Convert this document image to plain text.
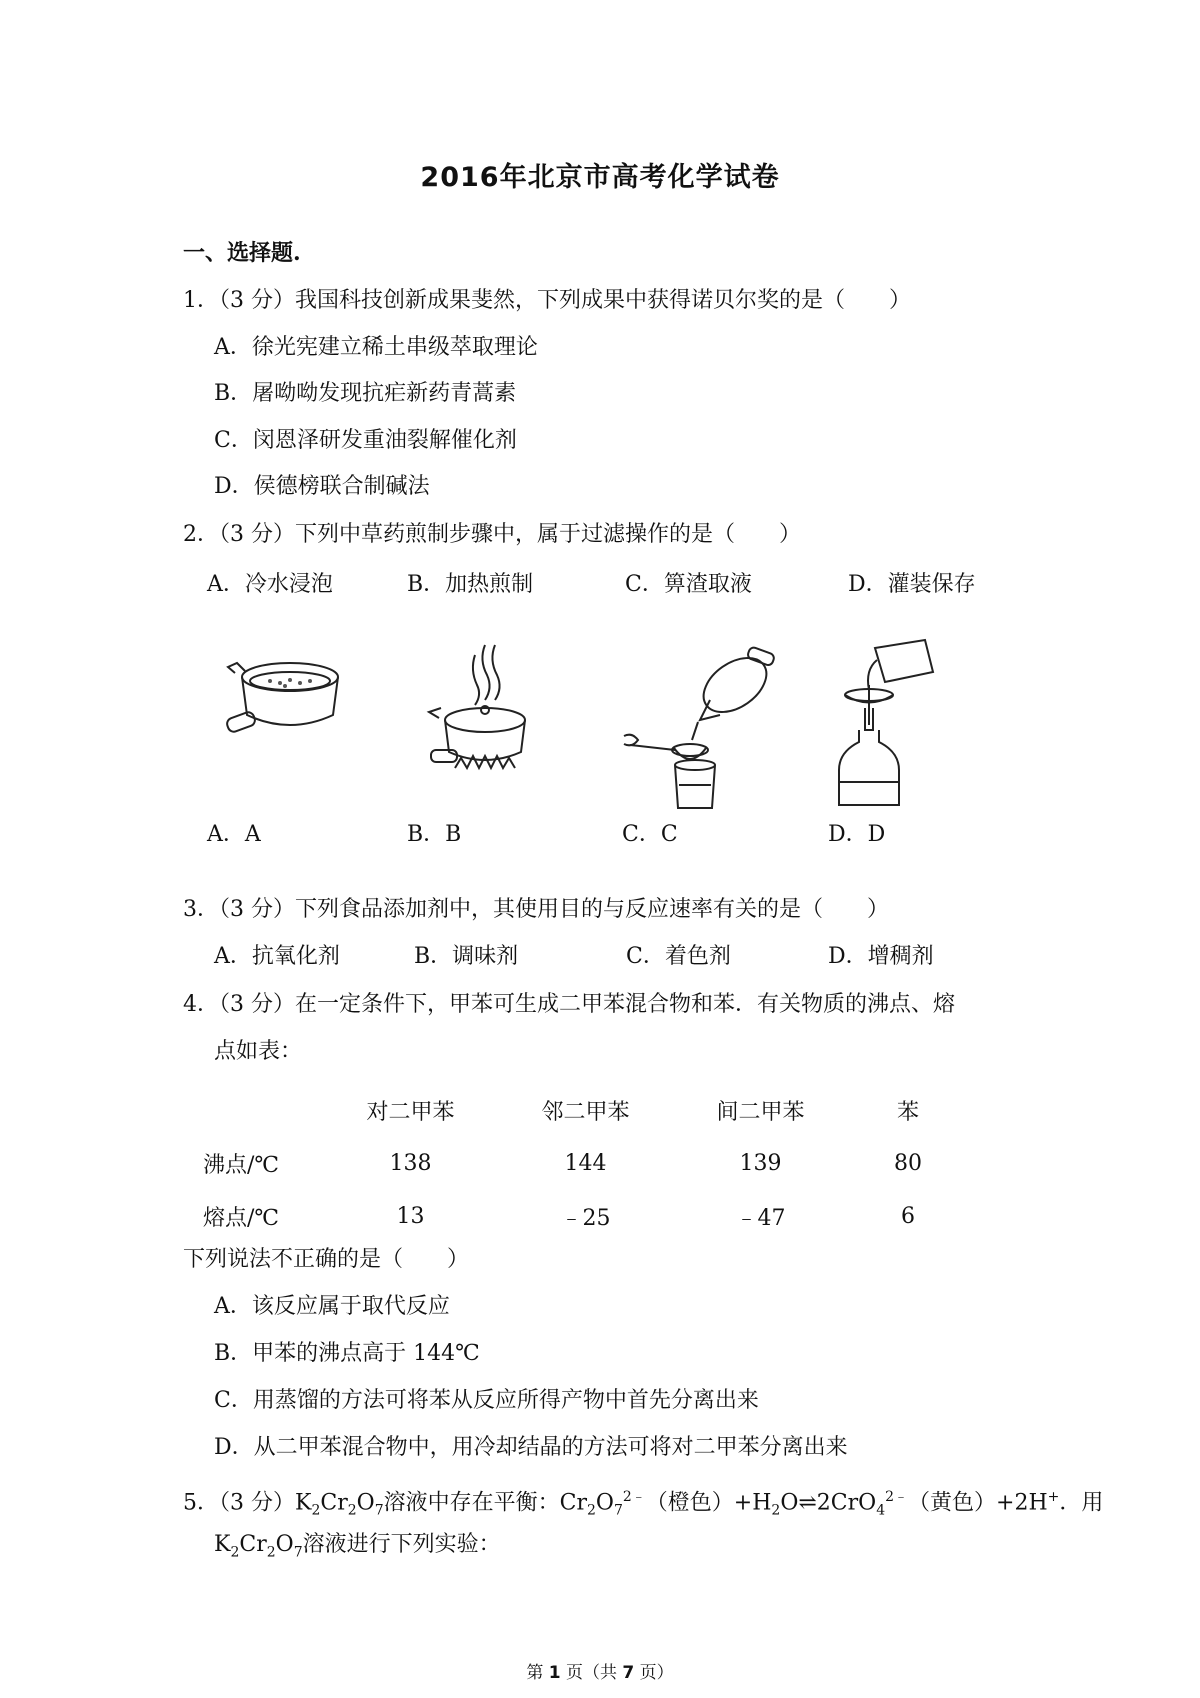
2016年北京市高考化学试卷
一、选择题.
1．（3 分）我国科技创新成果斐然，下列成果中获得诺贝尔奖的是（　　）
A．徐光宪建立稀土串级萃取理论
B．屠呦呦发现抗疟新药青蒿素
C．闵恩泽研发重油裂解催化剂
D．侯德榜联合制碱法
2．（3 分）下列中草药煎制步骤中，属于过滤操作的是（　　）
A．冷水浸泡	B．加热煎制	C．箅渣取液	D．灌装保存
A．A	B．B	C．C	D．D
3．（3 分）下列食品添加剂中，其使用目的与反应速率有关的是（　　）
A．抗氧化剂	B．调味剂	C．着色剂	D．增稠剂
4．（3 分）在一定条件下，甲苯可生成二甲苯混合物和苯．有关物质的沸点、熔
点如表：
	对二甲苯	邻二甲苯	间二甲苯	苯
沸点/℃	138	144	139	80
熔点/℃	13	﹣25	﹣47	6
下列说法不正确的是（　　）
A．该反应属于取代反应
B．甲苯的沸点高于 144℃
C．用蒸馏的方法可将苯从反应所得产物中首先分离出来
D．从二甲苯混合物中，用冷却结晶的方法可将对二甲苯分离出来
5．（3 分）$K_2Cr_2O_7$溶液中存在平衡：$Cr_2O_7^{2﹣}$（橙色）$+H_2O\rightleftharpoons 2CrO_4^{2﹣}$（黄色）+2H+．用
$K_2Cr_2O_7$溶液进行下列实验：
第 1 页（共 7 页）
